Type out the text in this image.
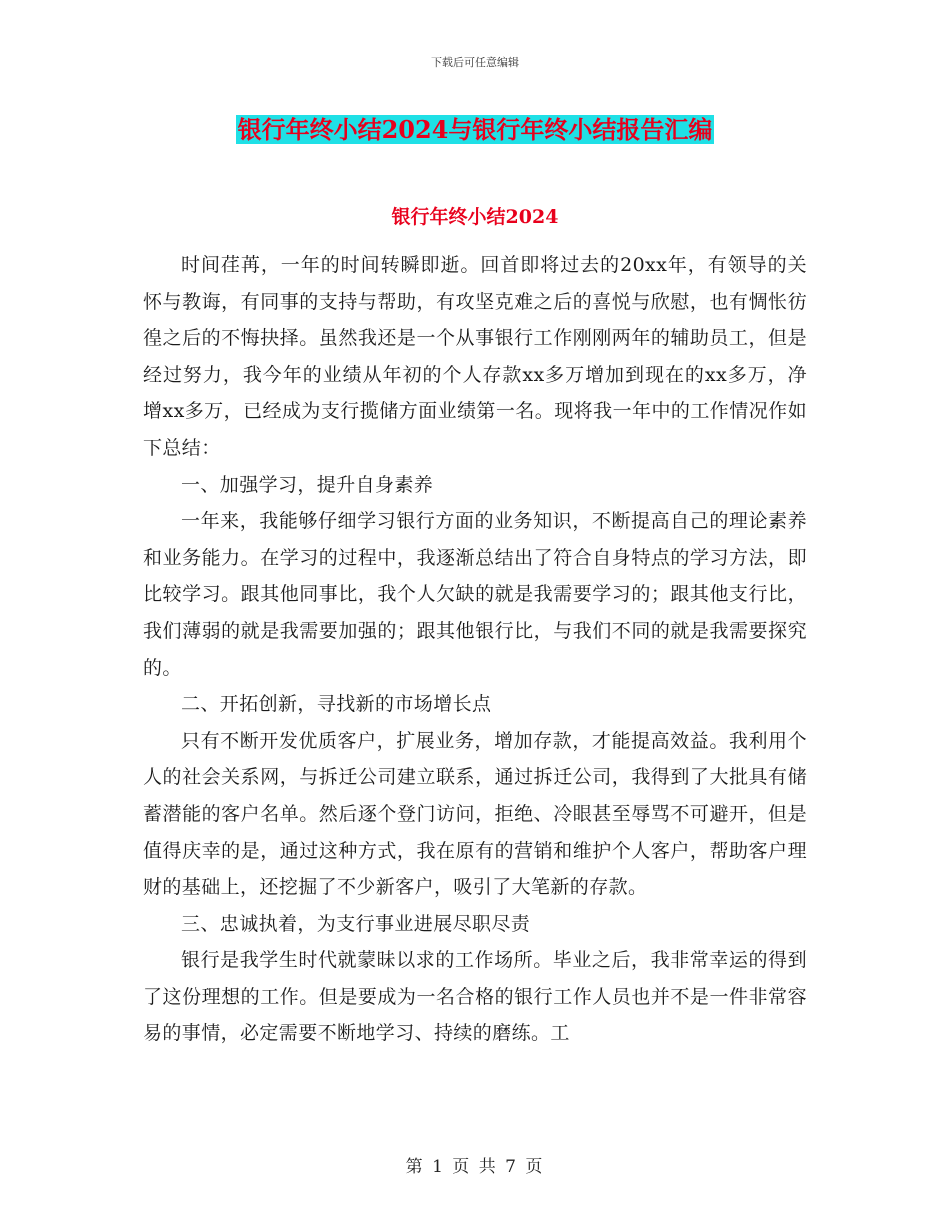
下载后可任意编辑
银行年终小结2024与银行年终小结报告汇编
银行年终小结2024

时间荏苒，一年的时间转瞬即逝。回首即将过去的20xx年，有领导的关怀与教诲，有同事的支持与帮助，有攻坚克难之后的喜悦与欣慰，也有惆怅彷徨之后的不悔抉择。虽然我还是一个从事银行工作刚刚两年的辅助员工，但是经过努力，我今年的业绩从年初的个人存款xx多万增加到现在的xx多万，净增xx多万，已经成为支行揽储方面业绩第一名。现将我一年中的工作情况作如下总结：

一、加强学习，提升自身素养

一年来，我能够仔细学习银行方面的业务知识，不断提高自己的理论素养和业务能力。在学习的过程中，我逐渐总结出了符合自身特点的学习方法，即比较学习。跟其他同事比，我个人欠缺的就是我需要学习的；跟其他支行比，我们薄弱的就是我需要加强的；跟其他银行比，与我们不同的就是我需要探究的。

二、开拓创新，寻找新的市场增长点

只有不断开发优质客户，扩展业务，增加存款，才能提高效益。我利用个人的社会关系网，与拆迁公司建立联系，通过拆迁公司，我得到了大批具有储蓄潜能的客户名单。然后逐个登门访问，拒绝、冷眼甚至辱骂不可避开，但是值得庆幸的是，通过这种方式，我在原有的营销和维护个人客户，帮助客户理财的基础上，还挖掘了不少新客户，吸引了大笔新的存款。

三、忠诚执着，为支行事业进展尽职尽责

银行是我学生时代就蒙昧以求的工作场所。毕业之后，我非常幸运的得到了这份理想的工作。但是要成为一名合格的银行工作人员也并不是一件非常容易的事情，必定需要不断地学习、持续的磨练。工

第 1 页 共 7 页
